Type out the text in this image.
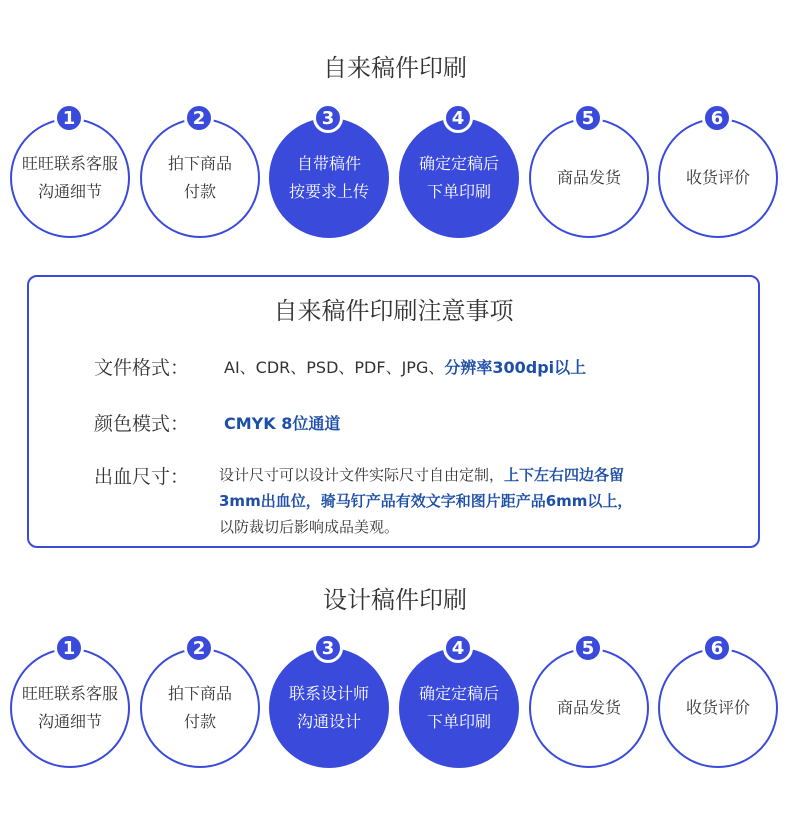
自来稿件印刷
1
旺旺联系客服
沟通细节
2
拍下商品
付款
3
自带稿件
按要求上传
4
确定定稿后
下单印刷
5
商品发货
6
收货评价
自来稿件印刷注意事项
文件格式： AI、CDR、PSD、PDF、JPG、分辨率300dpi以上
颜色模式： CMYK 8位通道
出血尺寸： 设计尺寸可以设计文件实际尺寸自由定制，上下左右四边各留
3mm出血位，骑马钉产品有效文字和图片距产品6mm以上，
以防裁切后影响成品美观。
设计稿件印刷
1
旺旺联系客服
沟通细节
2
拍下商品
付款
3
联系设计师
沟通设计
4
确定定稿后
下单印刷
5
商品发货
6
收货评价
